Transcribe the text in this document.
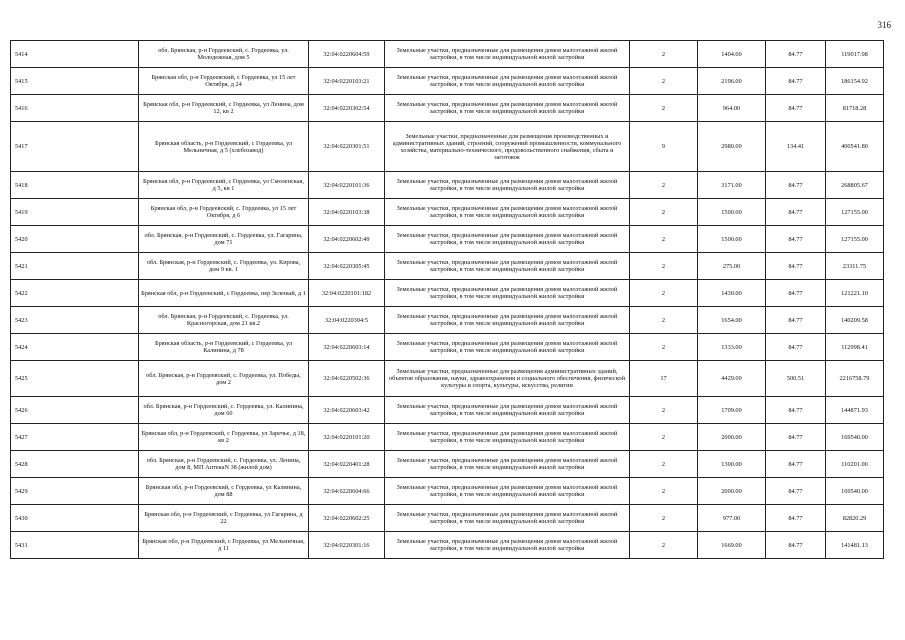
316
5414	обл. Брянская, р-н Гордеевский, с. Гордеевка, ул. Молодежная, дом 5	32:04:0220604:59	Земельные участки, предназначенные для размещения домов малоэтажной жилой застройки, в том числе индивидуальной жилой застройки	2	1404.00	84.77	119017.08
5415	Брянская обл, р-н Гордеевский, с Гордеевка, ул 15 лет Октября, д 24	32:04:0220103:21	Земельные участки, предназначенные для размещения домов малоэтажной жилой застройки, в том числе индивидуальной жилой застройки	2	2196.00	84.77	186154.92
5416	Брянская обл, р-н Гордеевский, с Гордеевка, ул Ленина, дом 12, кв 2	32:04:0220302:54	Земельные участки, предназначенные для размещения домов малоэтажной жилой застройки, в том числе индивидуальной жилой застройки	2	964.00	84.77	81718.28
5417	Брянская область, р-н Гордеевский, с Гордеевка, ул Мельничная, д 5 (хлебозавод)	32:04:0220301:51	Земельные участки, предназначенные для размещения производственных и административных зданий, строений, сооружений промышленности, коммунального хозяйства, материально-технического, продовольственного снабжения, сбыта и заготовок	9	2980.00	134.41	400541.80
5418	Брянская обл, р-н Гордеевский, с Гордеевка, ул Смоленская, д 5, кв 1	32:04:0220101:36	Земельные участки, предназначенные для размещения домов малоэтажной жилой застройки, в том числе индивидуальной жилой застройки	2	3171.00	84.77	268805.67
5419	Брянская обл, р-н Гордеевский, с. Гордеевка, ул 15 лет Октября, д 6	32:04:0220103:38	Земельные участки, предназначенные для размещения домов малоэтажной жилой застройки, в том числе индивидуальной жилой застройки	2	1500.00	84.77	127155.00
5420	обл. Брянская, р-н Гордеевский, с. Гордеевка, ул. Гагарина, дом 71	32:04:0220602:49	Земельные участки, предназначенные для размещения домов малоэтажной жилой застройки, в том числе индивидуальной жилой застройки	2	1500.00	84.77	127155.00
5421	обл. Брянская, р-н Гордеевский, с. Гордеевка, ул. Кирова, дом 9 кв. 1	32:04:0220305:45	Земельные участки, предназначенные для размещения домов малоэтажной жилой застройки, в том числе индивидуальной жилой застройки	2	275.00	84.77	23311.75
5422	Брянская обл, р-н Гордеевский, с Гордеевка, пер Зеленый, д 1	32:04:0220101:182	Земельные участки, предназначенные для размещения домов малоэтажной жилой застройки, в том числе индивидуальной жилой застройки	2	1430.00	84.77	121221.10
5423	обл. Брянская, р-н Гордеевский, с. Гордеевка, ул. Красногорская, дом 21 кв.2	32:04:0220304:5	Земельные участки, предназначенные для размещения домов малоэтажной жилой застройки, в том числе индивидуальной жилой застройки	2	1654.00	84.77	140209.58
5424	Брянская область, р-н Гордеевский, с Гордеевка, ул Калинина, д 78	32:04:0220603:14	Земельные участки, предназначенные для размещения домов малоэтажной жилой застройки, в том числе индивидуальной жилой застройки	2	1333.00	84.77	112998.41
5425	обл. Брянская, р-н Гордеевский, с. Гордеевка, ул. Победы, дом 2	32:04:0220502:36	Земельные участки, предназначенные для размещения административных зданий, объектов образования, науки, здравоохранения и социального обеспечения, физической культуры и спорта, культуры, искусства, религии	17	4429.00	500.51	2216758.79
5426	обл. Брянская, р-н Гордеевский, с. Гордеевка, ул. Калинина, дом 60	32:04:0220603:42	Земельные участки, предназначенные для размещения домов малоэтажной жилой застройки, в том числе индивидуальной жилой застройки	2	1709.00	84.77	144871.93
5427	Брянская обл, р-н Гордеевский, с Гордеевка, ул Заречье, д 18, кв 2	32:04:0220101:20	Земельные участки, предназначенные для размещения домов малоэтажной жилой застройки, в том числе индивидуальной жилой застройки	2	2000.00	84.77	169540.00
5428	обл. Брянская, р-н Гордеевский, с. Гордеевка, ул. Ленина, дом 8, МП АптекаN 38 (жилой дом)	32:04:0220401:28	Земельные участки, предназначенные для размещения домов малоэтажной жилой застройки, в том числе индивидуальной жилой застройки	2	1300.00	84.77	110201.00
5429	Брянская обл, р-н Гордеевский, с Гордеевка, ул Калинина, дом 88	32:04:0220604:66	Земельные участки, предназначенные для размещения домов малоэтажной жилой застройки, в том числе индивидуальной жилой застройки	2	2000.00	84.77	169540.00
5430	Брянская обл, р-н Гордеевский, с Гордеевка, ул Гагарина, д 22	32:04:0220602:25	Земельные участки, предназначенные для размещения домов малоэтажной жилой застройки, в том числе индивидуальной жилой застройки	2	977.00	84.77	82820.29
5431	Брянская обл, р-н Гордеевский, с Гордеевка, ул Мельничная, д 11	32:04:0220301:16	Земельные участки, предназначенные для размещения домов малоэтажной жилой застройки, в том числе индивидуальной жилой застройки	2	1669.00	84.77	141481.13
